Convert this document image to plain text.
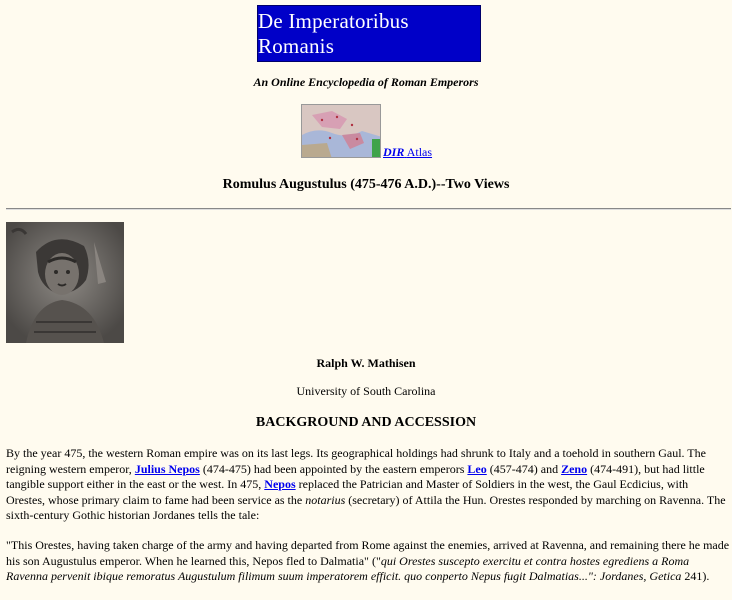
De Imperatoribus Romanis
An Online Encyclopedia of Roman Emperors
DIR Atlas
Romulus Augustulus (475-476 A.D.)--Two Views
Ralph W. Mathisen
University of South Carolina
BACKGROUND AND ACCESSION

By the year 475, the western Roman empire was on its last legs. Its geographical holdings had shrunk to Italy and a toehold in southern Gaul. The reigning western emperor, Julius Nepos (474-475) had been appointed by the eastern emperors Leo (457-474) and Zeno (474-491), but had little tangible support either in the east or the west. In 475, Nepos replaced the Patrician and Master of Soldiers in the west, the Gaul Ecdicius, with Orestes, whose primary claim to fame had been service as the notarius (secretary) of Attila the Hun. Orestes responded by marching on Ravenna. The sixth-century Gothic historian Jordanes tells the tale:

"This Orestes, having taken charge of the army and having departed from Rome against the enemies, arrived at Ravenna, and remaining there he made his son Augustulus emperor. When he learned this, Nepos fled to Dalmatia" ("qui Orestes suscepto exercitu et contra hostes egrediens a Roma Ravenna pervenit ibique remoratus Augustulum filimum suum imperatorem efficit. quo conperto Nepus fugit Dalmatias...": Jordanes, Getica 241).
